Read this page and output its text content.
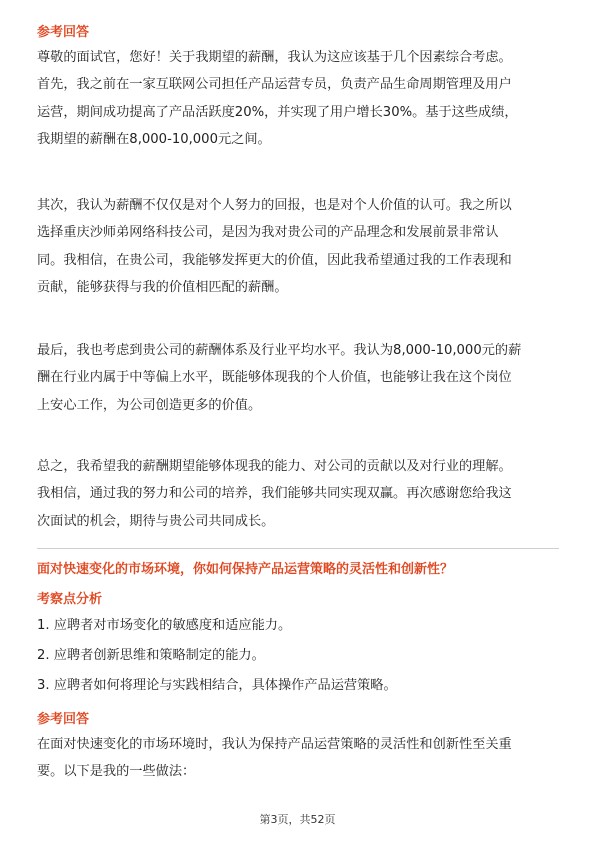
参考回答
尊敬的面试官，您好！关于我期望的薪酬，我认为这应该基于几个因素综合考虑。
首先，我之前在一家互联网公司担任产品运营专员，负责产品生命周期管理及用户
运营，期间成功提高了产品活跃度20%，并实现了用户增长30%。基于这些成绩，
我期望的薪酬在8,000-10,000元之间。
其次，我认为薪酬不仅仅是对个人努力的回报，也是对个人价值的认可。我之所以
选择重庆沙师弟网络科技公司，是因为我对贵公司的产品理念和发展前景非常认
同。我相信，在贵公司，我能够发挥更大的价值，因此我希望通过我的工作表现和
贡献，能够获得与我的价值相匹配的薪酬。
最后，我也考虑到贵公司的薪酬体系及行业平均水平。我认为8,000-10,000元的薪
酬在行业内属于中等偏上水平，既能够体现我的个人价值，也能够让我在这个岗位
上安心工作，为公司创造更多的价值。
总之，我希望我的薪酬期望能够体现我的能力、对公司的贡献以及对行业的理解。
我相信，通过我的努力和公司的培养，我们能够共同实现双赢。再次感谢您给我这
次面试的机会，期待与贵公司共同成长。
面对快速变化的市场环境，你如何保持产品运营策略的灵活性和创新性？
考察点分析

1. 应聘者对市场变化的敏感度和适应能力。

2. 应聘者创新思维和策略制定的能力。

3. 应聘者如何将理论与实践相结合，具体操作产品运营策略。

参考回答
在面对快速变化的市场环境时，我认为保持产品运营策略的灵活性和创新性至关重
要。以下是我的一些做法：

第3页，共52页
